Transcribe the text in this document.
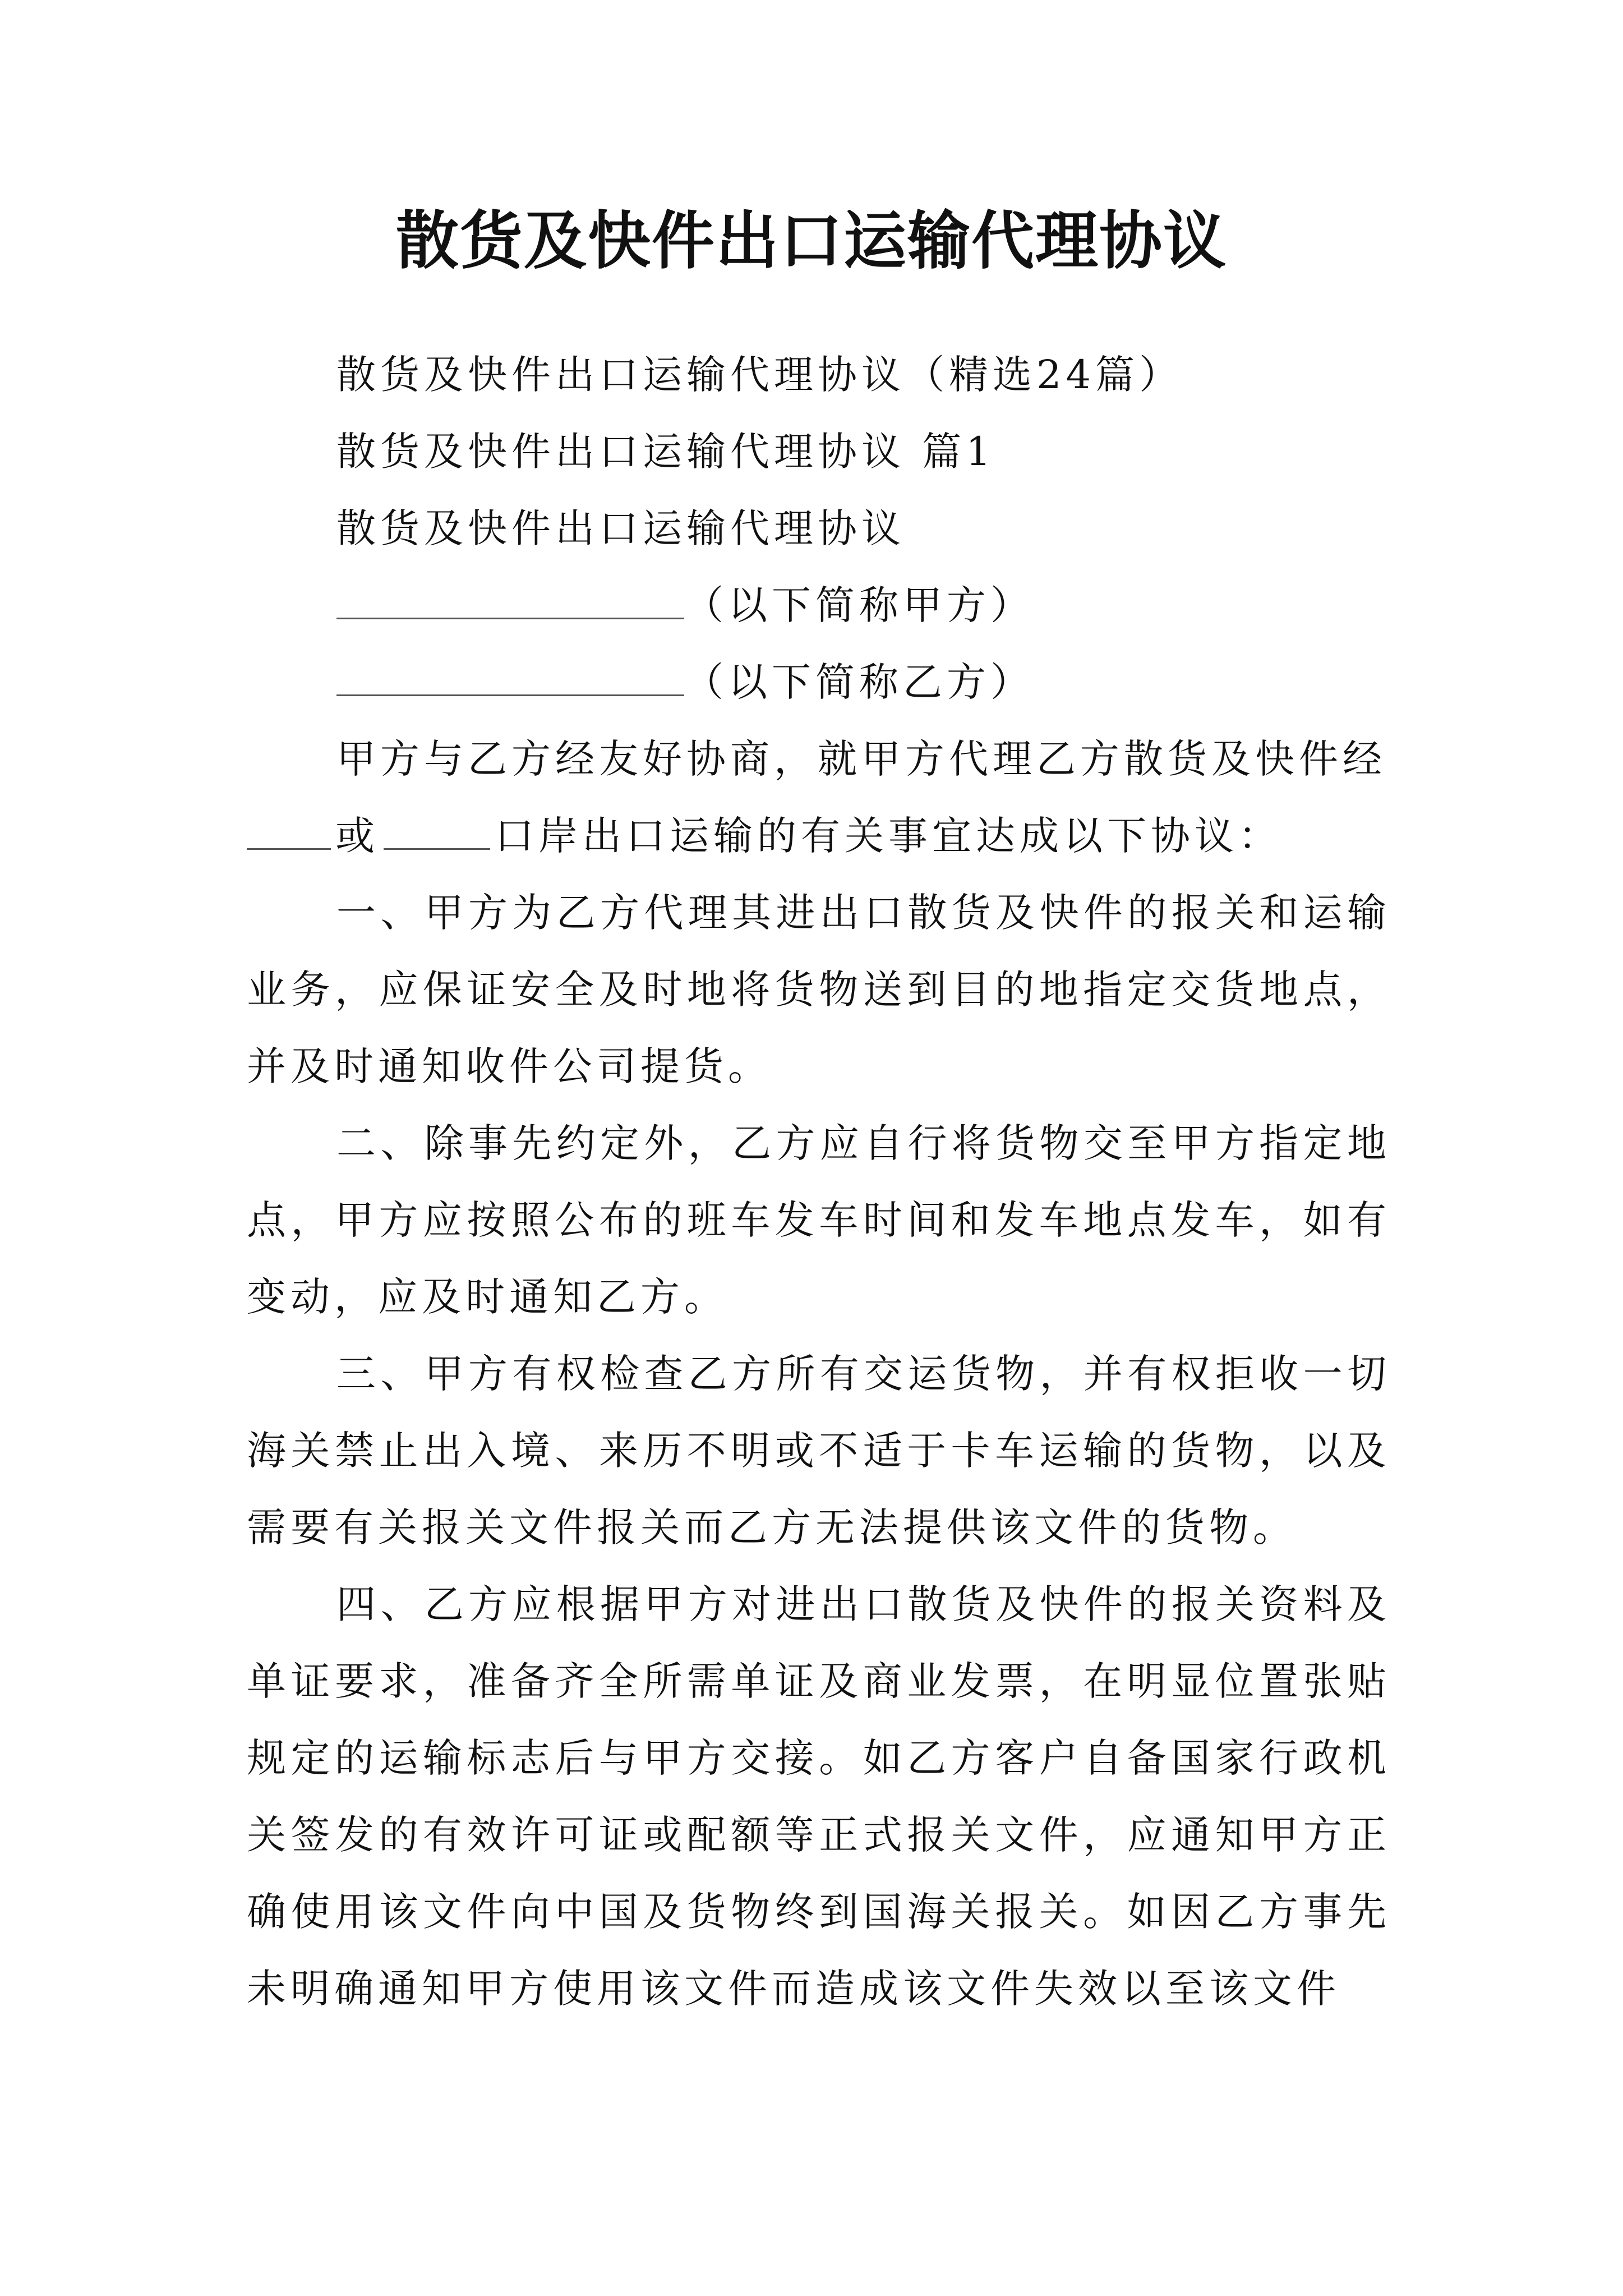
散货及快件出口运输代理协议
散货及快件出口运输代理协议（精选24篇）
散货及快件出口运输代理协议 篇1
散货及快件出口运输代理协议
（以下简称甲方）
（以下简称乙方）
甲方与乙方经友好协商，就甲方代理乙方散货及快件经
或	口岸出口运输的有关事宜达成以下协议：
一、甲方为乙方代理其进出口散货及快件的报关和运输业务，应保证安全及时地将货物送到目的地指定交货地点，并及时通知收件公司提货。
二、除事先约定外，乙方应自行将货物交至甲方指定地点，甲方应按照公布的班车发车时间和发车地点发车，如有变动，应及时通知乙方。
三、甲方有权检查乙方所有交运货物，并有权拒收一切海关禁止出入境、来历不明或不适于卡车运输的货物，以及需要有关报关文件报关而乙方无法提供该文件的货物。
四、乙方应根据甲方对进出口散货及快件的报关资料及单证要求，准备齐全所需单证及商业发票，在明显位置张贴规定的运输标志后与甲方交接。如乙方客户自备国家行政机关签发的有效许可证或配额等正式报关文件，应通知甲方正确使用该文件向中国及货物终到国海关报关。如因乙方事先未明确通知甲方使用该文件而造成该文件失效以至该文件
